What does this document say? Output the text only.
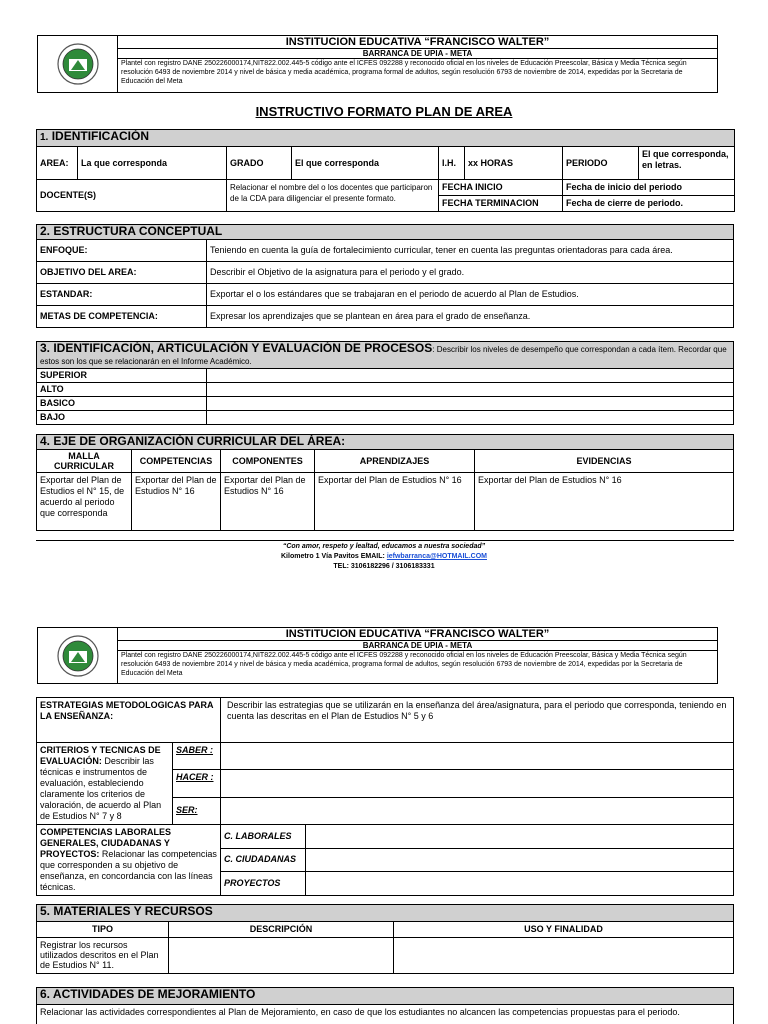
INSTITUCION EDUCATIVA “FRANCISCO WALTER”
BARRANCA DE UPIA - META
Plantel con registro DANE 250226000174,NIT822.002.445-5 código ante el ICFES 092288 y reconocido oficial en los niveles de Educación Preescolar, Básica y Media Técnica según resolución 6493 de noviembre 2014 y nivel de básica y media académica, programa formal de adultos, según resolución 6793 de noviembre de 2014, expedidas por la Secretaria de Educación del Meta
INSTRUCTIVO FORMATO PLAN DE AREA
1. IDENTIFICACIÓN							
AREA:	La que corresponda	GRADO	El que corresponda	I.H.	xx HORAS	PERIODO	El que corresponda, en letras.
DOCENTE(S)		Relacionar el nombre del o los docentes que participaron de la CDA para diligenciar el presente formato.		FECHA INICIO		Fecha de inicio del periodo	
				FECHA TERMINACION		Fecha de cierre de periodo.	
2. ESTRUCTURA CONCEPTUAL	
ENFOQUE:	Teniendo en cuenta la guía de fortalecimiento curricular, tener en cuenta las preguntas orientadoras para cada área.
OBJETIVO DEL AREA:	Describir el Objetivo de la asignatura para el periodo y el grado.
ESTANDAR:	Exportar el o los estándares que se trabajaran en el periodo de acuerdo al Plan de Estudios.
METAS DE COMPETENCIA:	Expresar los aprendizajes que se plantean en área para el grado de enseñanza.
3. IDENTIFICACIÓN, ARTICULACIÓN Y EVALUACIÓN DE PROCESOS: Describir los niveles de desempeño que correspondan a cada ítem. Recordar que estos son los que se relacionarán en el Informe Académico.	
SUPERIOR	
ALTO	
BASICO	
BAJO	
4. EJE DE ORGANIZACIÓN CURRICULAR DEL ÁREA:				
MALLA CURRICULAR	COMPETENCIAS	COMPONENTES	APRENDIZAJES	EVIDENCIAS
Exportar del Plan de Estudios el N° 15, de acuerdo al periodo que corresponda	Exportar del Plan de Estudios N° 16	Exportar del Plan de Estudios N° 16	Exportar del Plan de Estudios N° 16	Exportar del Plan de Estudios N° 16
“Con amor, respeto y lealtad, educamos a nuestra sociedad”
Kilometro 1 Vía Pavitos EMAIL: iefwbarranca@HOTMAIL.COM
TEL: 3106182296 / 3106183331
INSTITUCION EDUCATIVA “FRANCISCO WALTER”
BARRANCA DE UPIA - META
Plantel con registro DANE 250226000174,NIT822.002.445-5 código ante el ICFES 092288 y reconocido oficial en los niveles de Educación Preescolar, Básica y Media Técnica según resolución 6493 de noviembre 2014 y nivel de básica y media académica, programa formal de adultos, según resolución 6793 de noviembre de 2014, expedidas por la Secretaria de Educación del Meta
ESTRATEGIAS METODOLOGICAS PARA LA ENSEÑANZA:		Describir las estrategias que se utilizarán en la enseñanza del área/asignatura, para el periodo que corresponda, teniendo en cuenta las descritas en el Plan de Estudios N° 5 y 6	
CRITERIOS Y TECNICAS DE EVALUACIÓN: Describir las técnicas e instrumentos de evaluación, estableciendo claramente los criterios de valoración, de acuerdo al Plan de Estudios N° 7 y 8	SABER :		
	HACER :		
	SER:		
COMPETENCIAS LABORALES GENERALES, CIUDADANAS Y PROYECTOS: Relacionar las competencias que corresponden a su objetivo de enseñanza, en concordancia con las líneas técnicas.		C. LABORALES	
		C. CIUDADANAS	
		PROYECTOS	
5. MATERIALES Y RECURSOS		
TIPO	DESCRIPCIÓN	USO Y FINALIDAD
Registrar los recursos utilizados descritos en el Plan de Estudios N° 11.		
6. ACTIVIDADES DE MEJORAMIENTO
Relacionar las actividades correspondientes al Plan de Mejoramiento, en caso de que los estudiantes no alcancen las competencias propuestas para el periodo.
